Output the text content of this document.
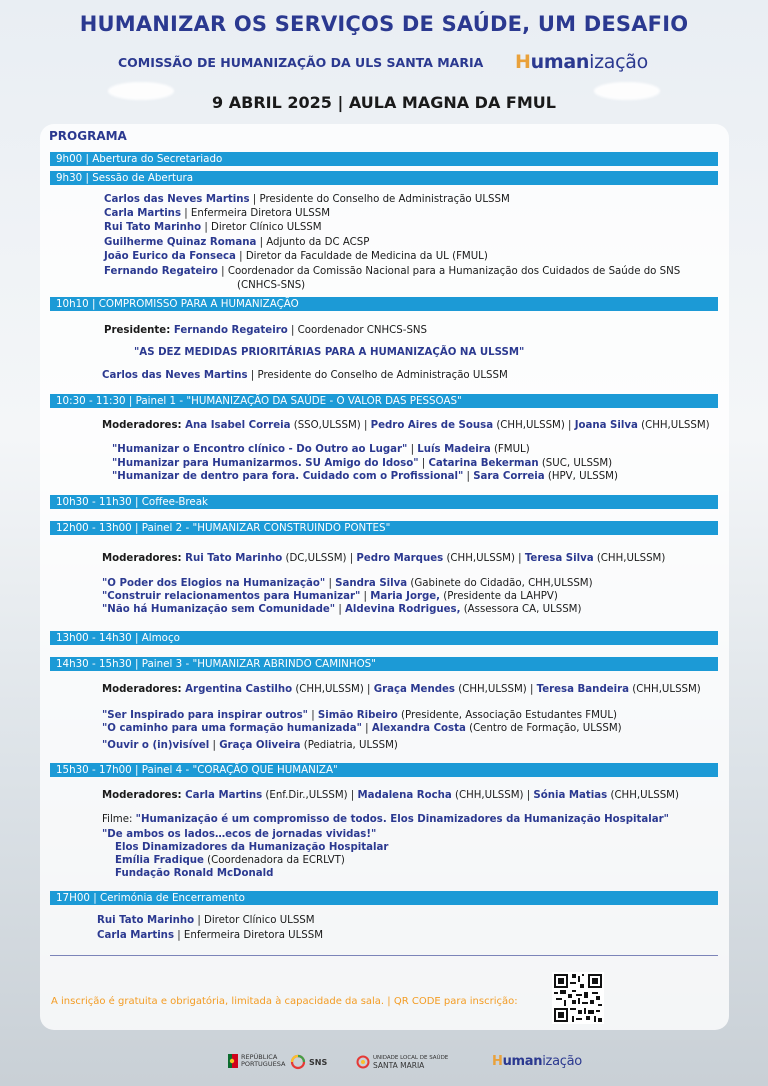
HUMANIZAR OS SERVIÇOS DE SAÚDE, UM DESAFIO
COMISSÃO DE HUMANIZAÇÃO DA ULS SANTA MARIA Humanização
9 ABRIL 2025 | AULA MAGNA DA FMUL
PROGRAMA
9h00 | Abertura do Secretariado
9h30 | Sessão de Abertura
Carlos das Neves Martins | Presidente do Conselho de Administração ULSSM
Carla Martins | Enfermeira Diretora ULSSM
Rui Tato Marinho | Diretor Clínico ULSSM
Guilherme Quinaz Romana | Adjunto da DC ACSP
João Eurico da Fonseca | Diretor da Faculdade de Medicina da UL (FMUL)
Fernando Regateiro | Coordenador da Comissão Nacional para a Humanização dos Cuidados de Saúde do SNS
(CNHCS-SNS)
10h10 | COMPROMISSO PARA A HUMANIZAÇÃO
Presidente: Fernando Regateiro | Coordenador CNHCS-SNS
"AS DEZ MEDIDAS PRIORITÁRIAS PARA A HUMANIZAÇÃO NA ULSSM"
Carlos das Neves Martins | Presidente do Conselho de Administração ULSSM
10:30 - 11:30 | Painel 1 - "HUMANIZAÇÃO DA SAÚDE - O VALOR DAS PESSOAS"
Moderadores: Ana Isabel Correia (SSO,ULSSM) | Pedro Aires de Sousa (CHH,ULSSM) | Joana Silva (CHH,ULSSM)
"Humanizar o Encontro clínico - Do Outro ao Lugar" | Luís Madeira (FMUL)
"Humanizar para Humanizarmos. SU Amigo do Idoso" | Catarina Bekerman (SUC, ULSSM)
"Humanizar de dentro para fora. Cuidado com o Profissional" | Sara Correia (HPV, ULSSM)
10h30 - 11h30 | Coffee-Break
12h00 - 13h00 | Painel 2 - "HUMANIZAR CONSTRUINDO PONTES"
Moderadores: Rui Tato Marinho (DC,ULSSM) | Pedro Marques (CHH,ULSSM) | Teresa Silva (CHH,ULSSM)
"O Poder dos Elogios na Humanização" | Sandra Silva (Gabinete do Cidadão, CHH,ULSSM)
"Construir relacionamentos para Humanizar" | Maria Jorge, (Presidente da LAHPV)
"Não há Humanização sem Comunidade" | Aldevina Rodrigues, (Assessora CA, ULSSM)
13h00 - 14h30 | Almoço
14h30 - 15h30 | Painel 3 - "HUMANIZAR ABRINDO CAMINHOS"
Moderadores: Argentina Castilho (CHH,ULSSM) | Graça Mendes (CHH,ULSSM) | Teresa Bandeira (CHH,ULSSM)
"Ser Inspirado para inspirar outros" | Simão Ribeiro (Presidente, Associação Estudantes FMUL)
"O caminho para uma formação humanizada" | Alexandra Costa (Centro de Formação, ULSSM)
"Ouvir o (in)visível | Graça Oliveira (Pediatria, ULSSM)
15h30 - 17h00 | Painel 4 - "CORAÇÃO QUE HUMANIZA"
Moderadores: Carla Martins (Enf.Dir.,ULSSM) | Madalena Rocha (CHH,ULSSM) | Sónia Matias (CHH,ULSSM)
Filme: "Humanização é um compromisso de todos. Elos Dinamizadores da Humanização Hospitalar"
"De ambos os lados…ecos de jornadas vividas!"
Elos Dinamizadores da Humanização Hospitalar
Emília Fradique (Coordenadora da ECRLVT)
Fundação Ronald McDonald
17H00 | Cerimónia de Encerramento
Rui Tato Marinho | Diretor Clínico ULSSM
Carla Martins | Enfermeira Diretora ULSSM
A inscrição é gratuita e obrigatória, limitada à capacidade da sala. | QR CODE para inscrição:
REPÚBLICA PORTUGUESA	SNS	UNIDADE LOCAL DE SAÚDE
SANTA MARIA	Humanização
